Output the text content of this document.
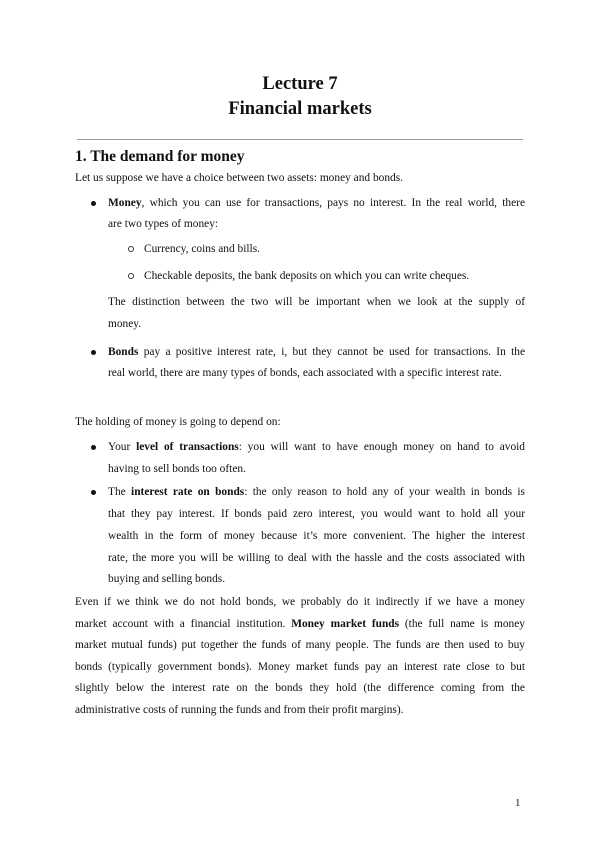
Lecture 7
Financial markets
1. The demand for money

Let us suppose we have a choice between two assets: money and bonds.

Money, which you can use for transactions, pays no interest. In the real world, there

are two types of money:

Currency, coins and bills.

Checkable deposits, the bank deposits on which you can write cheques.

The distinction between the two will be important when we look at the supply of

money.

Bonds pay a positive interest rate, i, but they cannot be used for transactions. In the

real world, there are many types of bonds, each associated with a specific interest rate.

The holding of money is going to depend on:

Your level of transactions: you will want to have enough money on hand to avoid

having to sell bonds too often.

The interest rate on bonds: the only reason to hold any of your wealth in bonds is

that they pay interest. If bonds paid zero interest, you would want to hold all your

wealth in the form of money because it’s more convenient. The higher the interest

rate, the more you will be willing to deal with the hassle and the costs associated with

buying and selling bonds.

Even if we think we do not hold bonds, we probably do it indirectly if we have a money

market account with a financial institution. Money market funds (the full name is money

market mutual funds) put together the funds of many people. The funds are then used to buy

bonds (typically government bonds). Money market funds pay an interest rate close to but

slightly below the interest rate on the bonds they hold (the difference coming from the

administrative costs of running the funds and from their profit margins).

1
